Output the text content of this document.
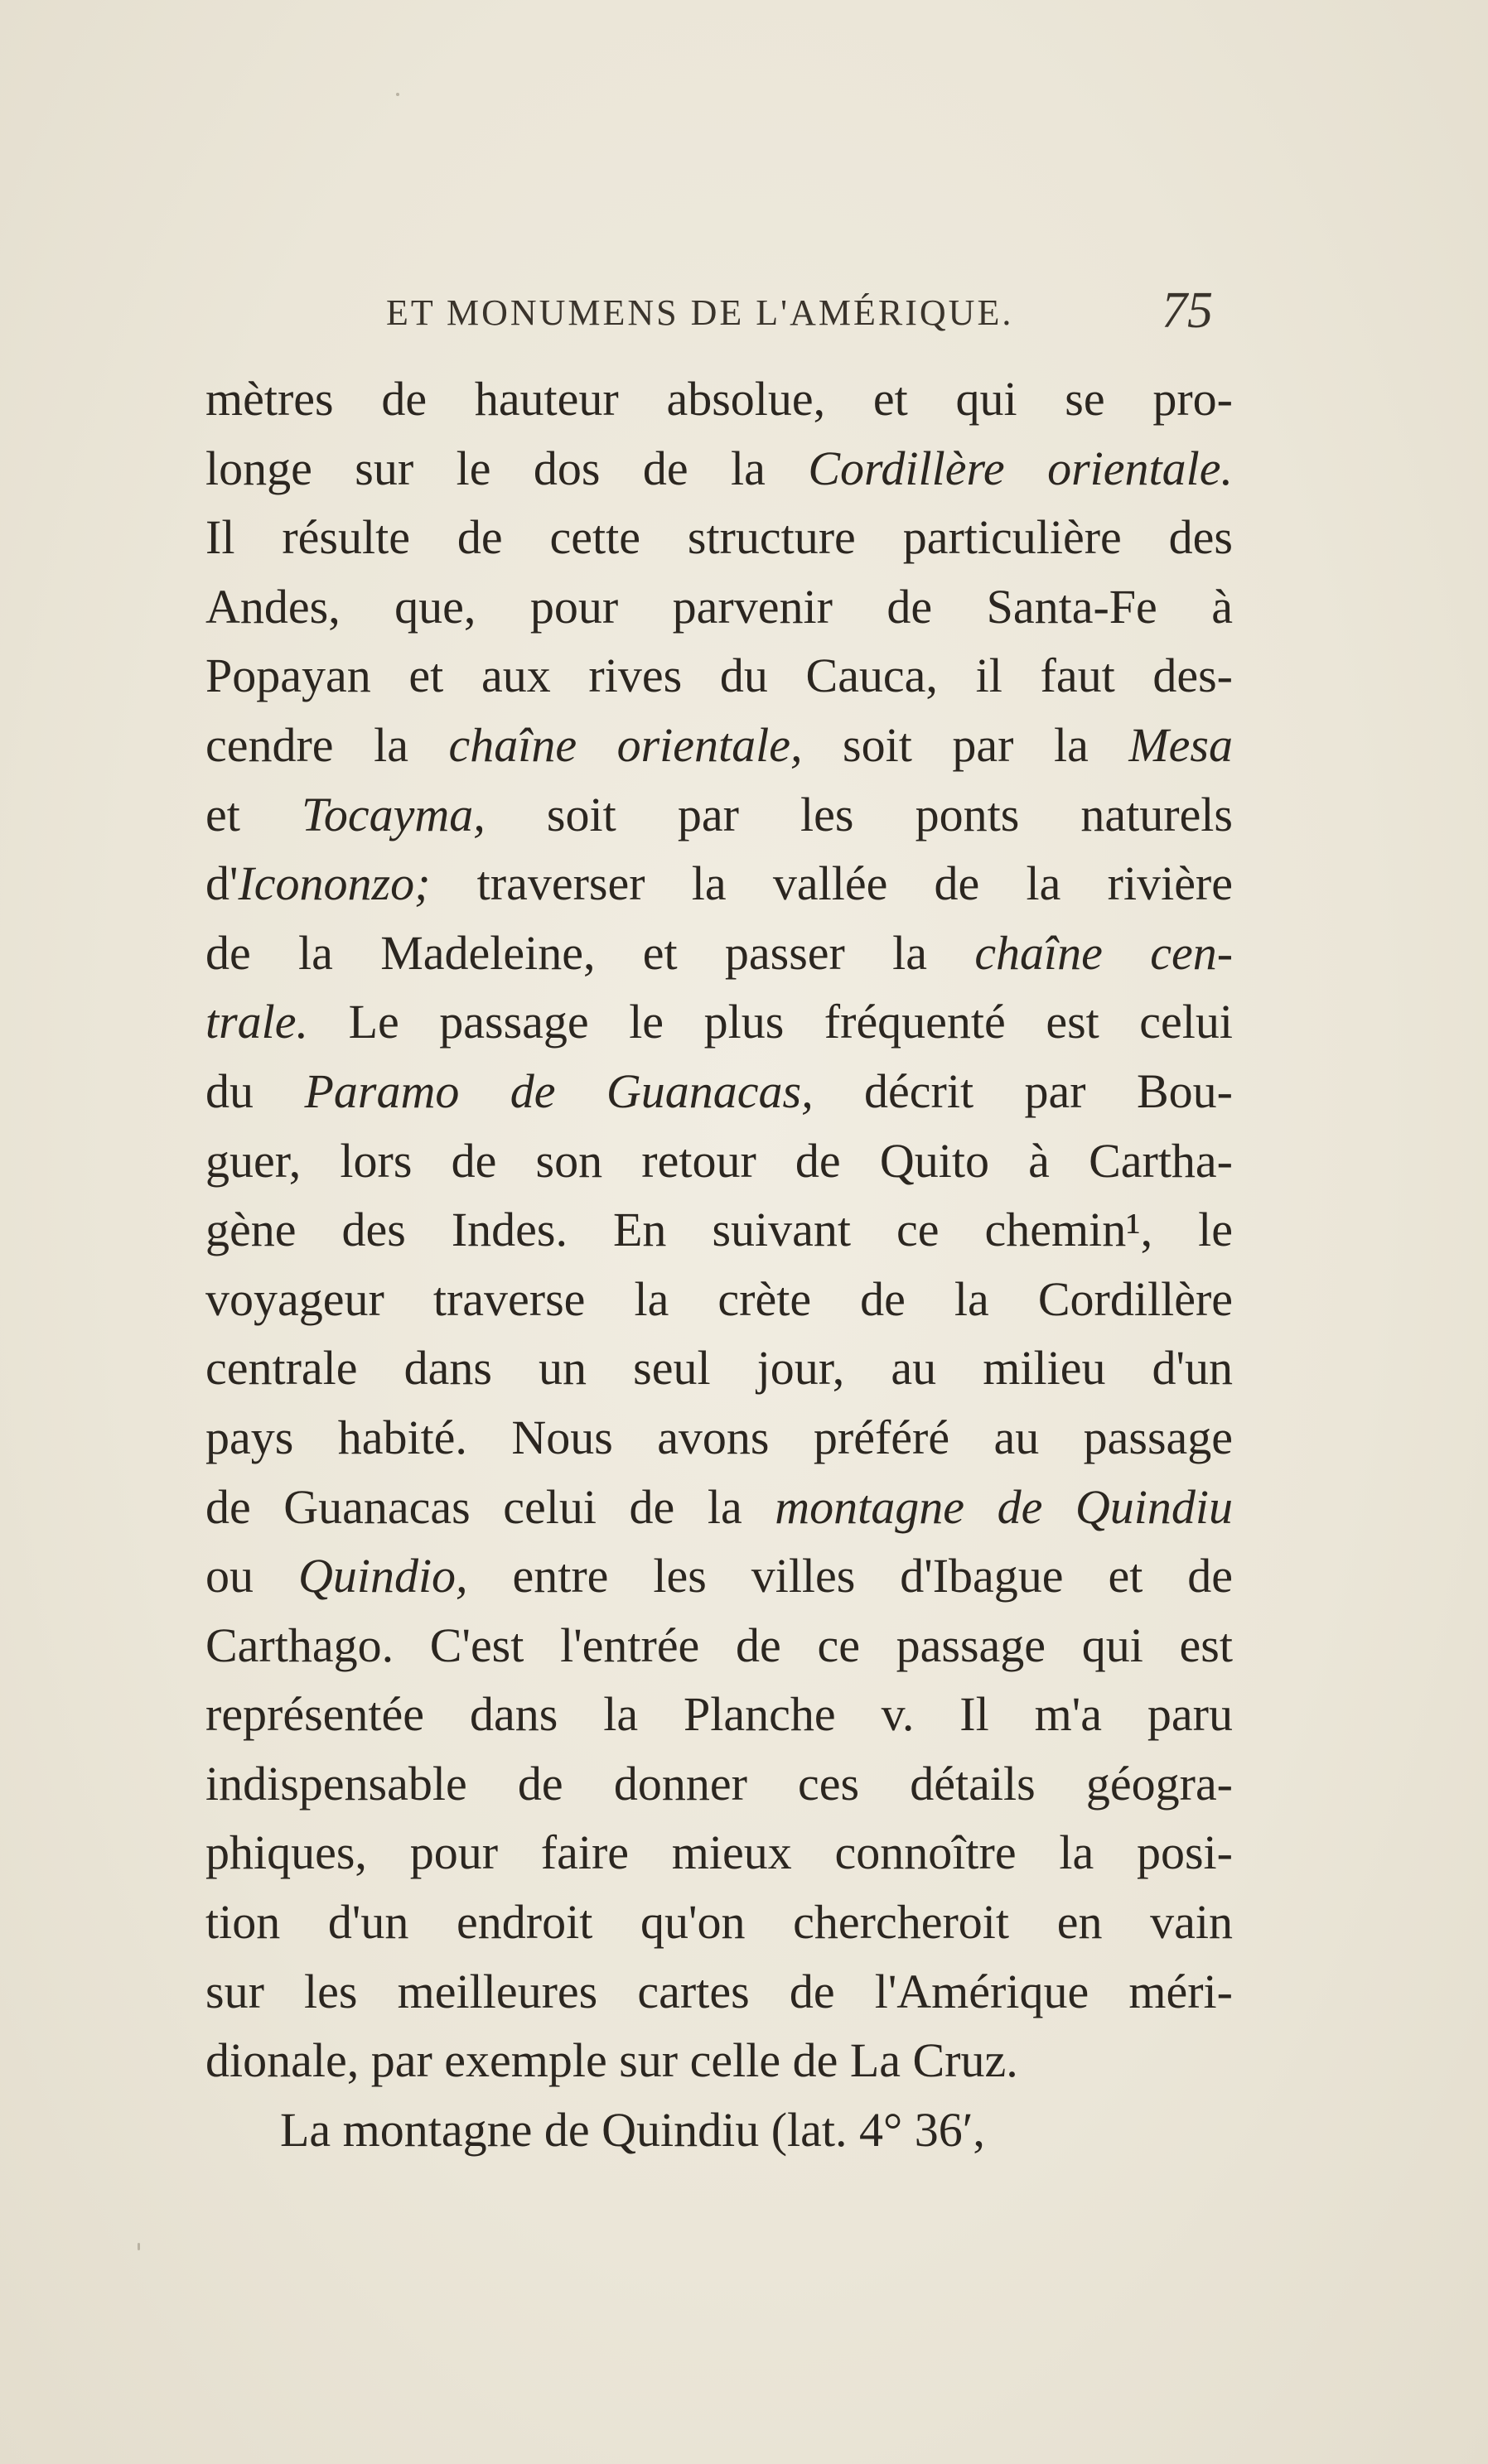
ET MONUMENS DE L'AMÉRIQUE.	75
mètres de hauteur absolue, et qui se pro-
longe sur le dos de la Cordillère orientale.
Il résulte de cette structure particulière des
Andes, que, pour parvenir de Santa-Fe à
Popayan et aux rives du Cauca, il faut des-
cendre la chaîne orientale, soit par la Mesa
et Tocayma, soit par les ponts naturels
d'Icononzo; traverser la vallée de la rivière
de la Madeleine, et passer la chaîne cen-
trale. Le passage le plus fréquenté est celui
du Paramo de Guanacas, décrit par Bou-
guer, lors de son retour de Quito à Cartha-
gène des Indes. En suivant ce chemin¹, le
voyageur traverse la crète de la Cordillère
centrale dans un seul jour, au milieu d'un
pays habité. Nous avons préféré au passage
de Guanacas celui de la montagne de Quindiu
ou Quindio, entre les villes d'Ibague et de
Carthago. C'est l'entrée de ce passage qui est
représentée dans la Planche v. Il m'a paru
indispensable de donner ces détails géogra-
phiques, pour faire mieux connoître la posi-
tion d'un endroit qu'on chercheroit en vain
sur les meilleures cartes de l'Amérique méri-
dionale, par exemple sur celle de La Cruz.
La montagne de Quindiu (lat. 4° 36′,
